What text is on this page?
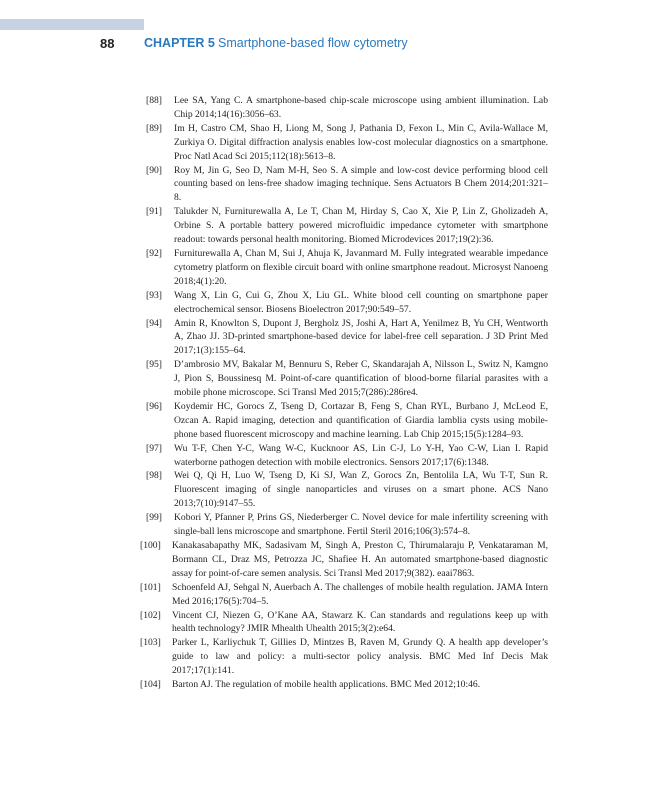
88 CHAPTER 5 Smartphone-based flow cytometry
[88] Lee SA, Yang C. A smartphone-based chip-scale microscope using ambient illumination. Lab Chip 2014;14(16):3056–63.
[89] Im H, Castro CM, Shao H, Liong M, Song J, Pathania D, Fexon L, Min C, Avila-Wallace M, Zurkiya O. Digital diffraction analysis enables low-cost molecular diagnostics on a smartphone. Proc Natl Acad Sci 2015;112(18):5613–8.
[90] Roy M, Jin G, Seo D, Nam M-H, Seo S. A simple and low-cost device performing blood cell counting based on lens-free shadow imaging technique. Sens Actuators B Chem 2014;201:321–8.
[91] Talukder N, Furniturewalla A, Le T, Chan M, Hirday S, Cao X, Xie P, Lin Z, Gholizadeh A, Orbine S. A portable battery powered microfluidic impedance cytometer with smartphone readout: towards personal health monitoring. Biomed Microdevices 2017;19(2):36.
[92] Furniturewalla A, Chan M, Sui J, Ahuja K, Javanmard M. Fully integrated wearable impedance cytometry platform on flexible circuit board with online smartphone readout. Microsyst Nanoeng 2018;4(1):20.
[93] Wang X, Lin G, Cui G, Zhou X, Liu GL. White blood cell counting on smartphone paper electrochemical sensor. Biosens Bioelectron 2017;90:549–57.
[94] Amin R, Knowlton S, Dupont J, Bergholz JS, Joshi A, Hart A, Yenilmez B, Yu CH, Wentworth A, Zhao JJ. 3D-printed smartphone-based device for label-free cell separation. J 3D Print Med 2017;1(3):155–64.
[95] D’ambrosio MV, Bakalar M, Bennuru S, Reber C, Skandarajah A, Nilsson L, Switz N, Kamgno J, Pion S, Boussinesq M. Point-of-care quantification of blood-borne filarial parasites with a mobile phone microscope. Sci Transl Med 2015;7(286):286re4.
[96] Koydemir HC, Gorocs Z, Tseng D, Cortazar B, Feng S, Chan RYL, Burbano J, McLeod E, Ozcan A. Rapid imaging, detection and quantification of Giardia lamblia cysts using mobile-phone based fluorescent microscopy and machine learning. Lab Chip 2015;15(5):1284–93.
[97] Wu T-F, Chen Y-C, Wang W-C, Kucknoor AS, Lin C-J, Lo Y-H, Yao C-W, Lian I. Rapid waterborne pathogen detection with mobile electronics. Sensors 2017;17(6):1348.
[98] Wei Q, Qi H, Luo W, Tseng D, Ki SJ, Wan Z, Gorocs Zn, Bentolila LA, Wu T-T, Sun R. Fluorescent imaging of single nanoparticles and viruses on a smart phone. ACS Nano 2013;7(10):9147–55.
[99] Kobori Y, Pfanner P, Prins GS, Niederberger C. Novel device for male infertility screening with single-ball lens microscope and smartphone. Fertil Steril 2016;106(3):574–8.
[100] Kanakasabapathy MK, Sadasivam M, Singh A, Preston C, Thirumalaraju P, Venkataraman M, Bormann CL, Draz MS, Petrozza JC, Shafiee H. An automated smartphone-based diagnostic assay for point-of-care semen analysis. Sci Transl Med 2017;9(382). eaai7863.
[101] Schoenfeld AJ, Sehgal N, Auerbach A. The challenges of mobile health regulation. JAMA Intern Med 2016;176(5):704–5.
[102] Vincent CJ, Niezen G, O’Kane AA, Stawarz K. Can standards and regulations keep up with health technology? JMIR Mhealth Uhealth 2015;3(2):e64.
[103] Parker L, Karliychuk T, Gillies D, Mintzes B, Raven M, Grundy Q. A health app developer’s guide to law and policy: a multi-sector policy analysis. BMC Med Inf Decis Mak 2017;17(1):141.
[104] Barton AJ. The regulation of mobile health applications. BMC Med 2012;10:46.
